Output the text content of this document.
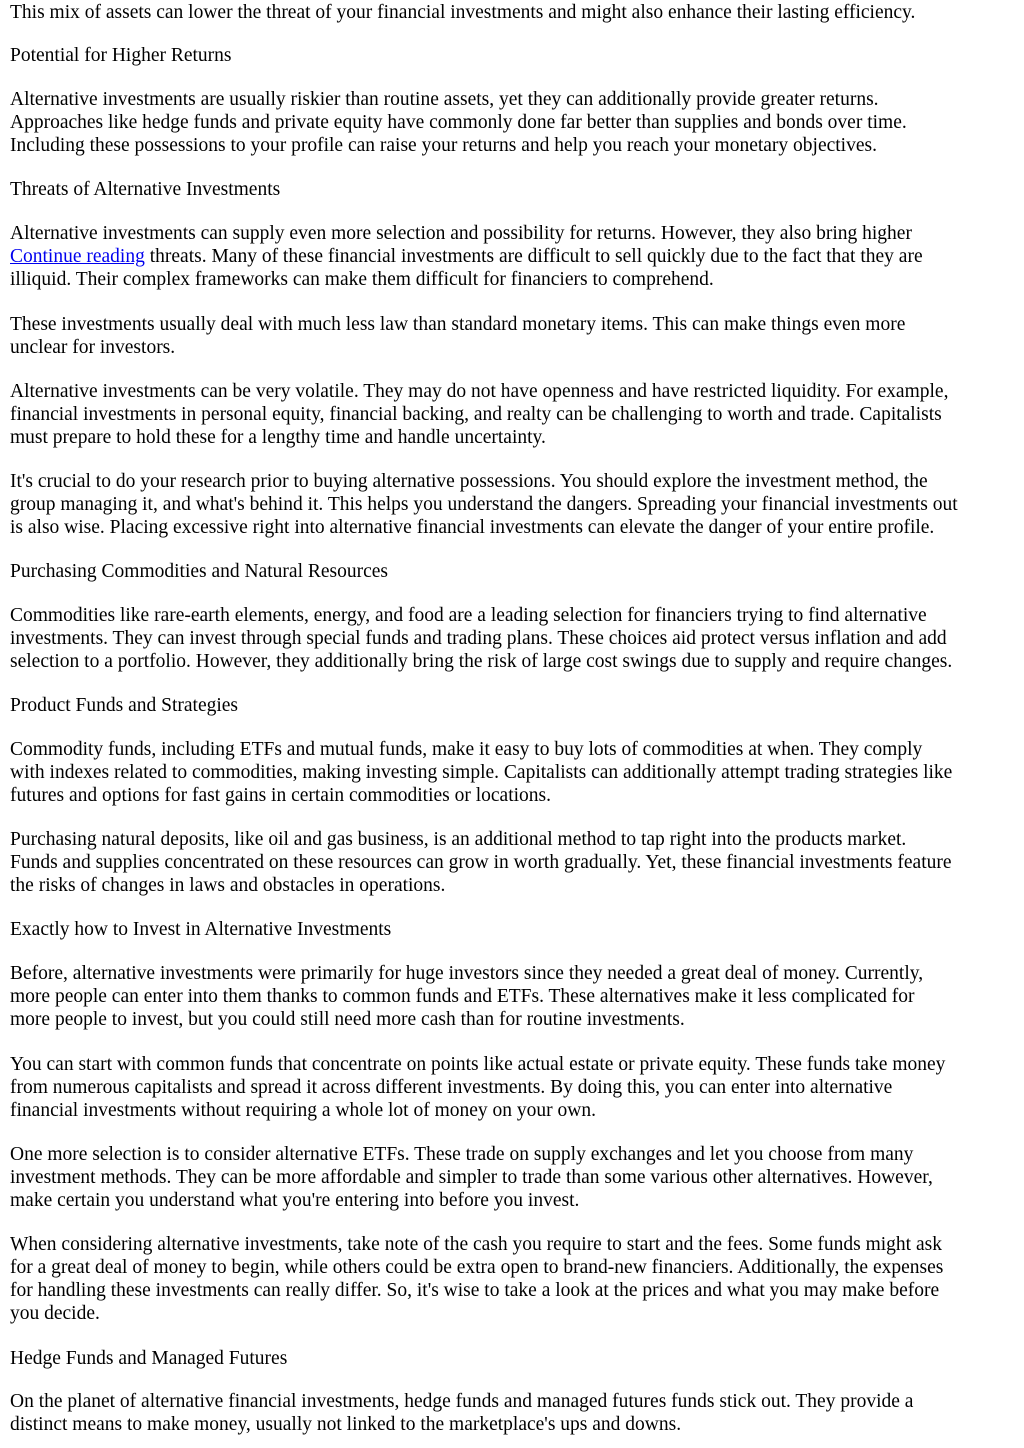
This mix of assets can lower the threat of your financial investments and might also enhance their lasting efficiency.

Potential for Higher Returns

Alternative investments are usually riskier than routine assets, yet they can additionally provide greater returns.
Approaches like hedge funds and private equity have commonly done far better than supplies and bonds over time.
Including these possessions to your profile can raise your returns and help you reach your monetary objectives.

Threats of Alternative Investments

Alternative investments can supply even more selection and possibility for returns. However, they also bring higher
Continue reading threats. Many of these financial investments are difficult to sell quickly due to the fact that they are
illiquid. Their complex frameworks can make them difficult for financiers to comprehend.

These investments usually deal with much less law than standard monetary items. This can make things even more
unclear for investors.

Alternative investments can be very volatile. They may do not have openness and have restricted liquidity. For example,
financial investments in personal equity, financial backing, and realty can be challenging to worth and trade. Capitalists
must prepare to hold these for a lengthy time and handle uncertainty.

It's crucial to do your research prior to buying alternative possessions. You should explore the investment method, the
group managing it, and what's behind it. This helps you understand the dangers. Spreading your financial investments out
is also wise. Placing excessive right into alternative financial investments can elevate the danger of your entire profile.

Purchasing Commodities and Natural Resources

Commodities like rare-earth elements, energy, and food are a leading selection for financiers trying to find alternative
investments. They can invest through special funds and trading plans. These choices aid protect versus inflation and add
selection to a portfolio. However, they additionally bring the risk of large cost swings due to supply and require changes.

Product Funds and Strategies

Commodity funds, including ETFs and mutual funds, make it easy to buy lots of commodities at when. They comply
with indexes related to commodities, making investing simple. Capitalists can additionally attempt trading strategies like
futures and options for fast gains in certain commodities or locations.

Purchasing natural deposits, like oil and gas business, is an additional method to tap right into the products market.
Funds and supplies concentrated on these resources can grow in worth gradually. Yet, these financial investments feature
the risks of changes in laws and obstacles in operations.

Exactly how to Invest in Alternative Investments

Before, alternative investments were primarily for huge investors since they needed a great deal of money. Currently,
more people can enter into them thanks to common funds and ETFs. These alternatives make it less complicated for
more people to invest, but you could still need more cash than for routine investments.

You can start with common funds that concentrate on points like actual estate or private equity. These funds take money
from numerous capitalists and spread it across different investments. By doing this, you can enter into alternative
financial investments without requiring a whole lot of money on your own.

One more selection is to consider alternative ETFs. These trade on supply exchanges and let you choose from many
investment methods. They can be more affordable and simpler to trade than some various other alternatives. However,
make certain you understand what you're entering into before you invest.

When considering alternative investments, take note of the cash you require to start and the fees. Some funds might ask
for a great deal of money to begin, while others could be extra open to brand-new financiers. Additionally, the expenses
for handling these investments can really differ. So, it's wise to take a look at the prices and what you may make before
you decide.

Hedge Funds and Managed Futures

On the planet of alternative financial investments, hedge funds and managed futures funds stick out. They provide a
distinct means to make money, usually not linked to the marketplace's ups and downs.
